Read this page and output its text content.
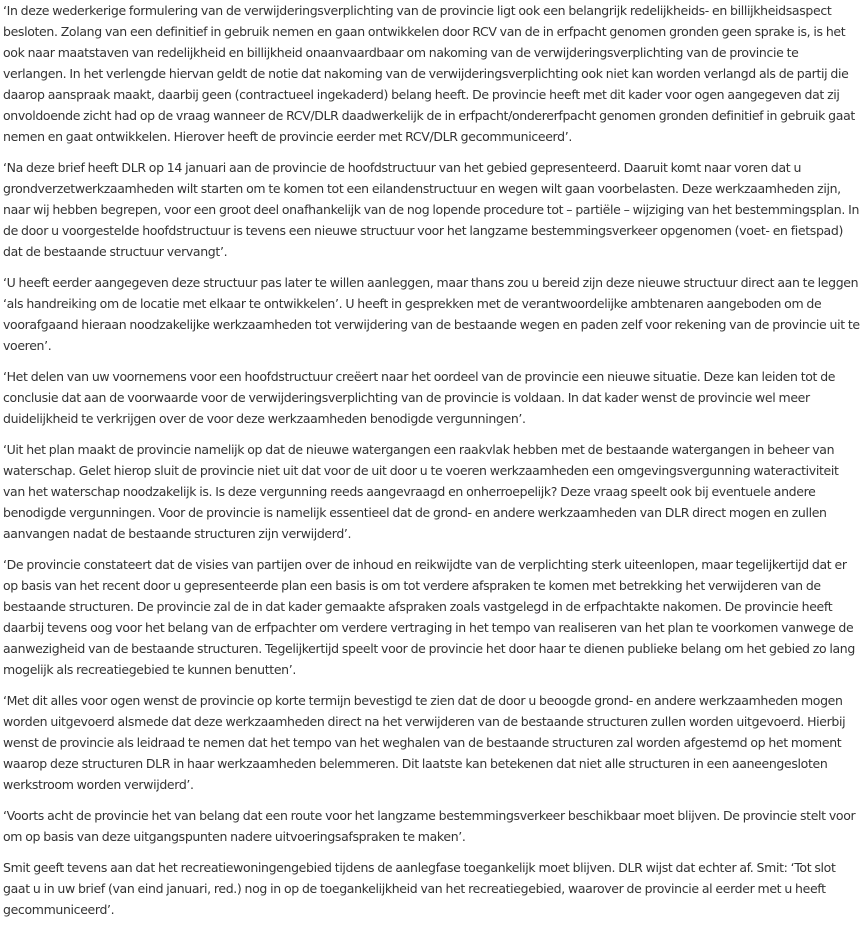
‘In deze wederkerige formulering van de verwijderingsverplichting van de provincie ligt ook een belangrijk redelijkheids- en billijkheidsaspect besloten. Zolang van een definitief in gebruik nemen en gaan ontwikkelen door RCV van de in erfpacht genomen gronden geen sprake is, is het ook naar maatstaven van redelijkheid en billijkheid onaanvaardbaar om nakoming van de verwijderingsverplichting van de provincie te verlangen. In het verlengde hiervan geldt de notie dat nakoming van de verwijderingsverplichting ook niet kan worden verlangd als de partij die daarop aanspraak maakt, daarbij geen (contractueel ingekaderd) belang heeft. De provincie heeft met dit kader voor ogen aangegeven dat zij onvoldoende zicht had op de vraag wanneer de RCV/DLR daadwerkelijk de in erfpacht/ondererfpacht genomen gronden definitief in gebruik gaat nemen en gaat ontwikkelen. Hierover heeft de provincie eerder met RCV/DLR gecommuniceerd’.

‘Na deze brief heeft DLR op 14 januari aan de provincie de hoofdstructuur van het gebied gepresenteerd. Daaruit komt naar voren dat u grondverzetwerkzaamheden wilt starten om te komen tot een eilandenstructuur en wegen wilt gaan voorbelasten. Deze werkzaamheden zijn, naar wij hebben begrepen, voor een groot deel onafhankelijk van de nog lopende procedure tot – partiële – wijziging van het bestemmingsplan. In de door u voorgestelde hoofdstructuur is tevens een nieuwe structuur voor het langzame bestemmingsverkeer opgenomen (voet- en fietspad) dat de bestaande structuur vervangt’.

‘U heeft eerder aangegeven deze structuur pas later te willen aanleggen, maar thans zou u bereid zijn deze nieuwe structuur direct aan te leggen ‘als handreiking om de locatie met elkaar te ontwikkelen’. U heeft in gesprekken met de verantwoordelijke ambtenaren aangeboden om de voorafgaand hieraan noodzakelijke werkzaamheden tot verwijdering van de bestaande wegen en paden zelf voor rekening van de provincie uit te voeren’.

‘Het delen van uw voornemens voor een hoofdstructuur creëert naar het oordeel van de provincie een nieuwe situatie. Deze kan leiden tot de conclusie dat aan de voorwaarde voor de verwijderingsverplichting van de provincie is voldaan. In dat kader wenst de provincie wel meer duidelijkheid te verkrijgen over de voor deze werkzaamheden benodigde vergunningen’.

‘Uit het plan maakt de provincie namelijk op dat de nieuwe watergangen een raakvlak hebben met de bestaande watergangen in beheer van waterschap. Gelet hierop sluit de provincie niet uit dat voor de uit door u te voeren werkzaamheden een omgevingsvergunning wateractiviteit van het waterschap noodzakelijk is. Is deze vergunning reeds aangevraagd en onherroepelijk? Deze vraag speelt ook bij eventuele andere benodigde vergunningen. Voor de provincie is namelijk essentieel dat de grond- en andere werkzaamheden van DLR direct mogen en zullen aanvangen nadat de bestaande structuren zijn verwijderd’.

‘De provincie constateert dat de visies van partijen over de inhoud en reikwijdte van de verplichting sterk uiteenlopen, maar tegelijkertijd dat er op basis van het recent door u gepresenteerde plan een basis is om tot verdere afspraken te komen met betrekking het verwijderen van de bestaande structuren. De provincie zal de in dat kader gemaakte afspraken zoals vastgelegd in de erfpachtakte nakomen. De provincie heeft daarbij tevens oog voor het belang van de erfpachter om verdere vertraging in het tempo van realiseren van het plan te voorkomen vanwege de aanwezigheid van de bestaande structuren. Tegelijkertijd speelt voor de provincie het door haar te dienen publieke belang om het gebied zo lang mogelijk als recreatiegebied te kunnen benutten’.

‘Met dit alles voor ogen wenst de provincie op korte termijn bevestigd te zien dat de door u beoogde grond- en andere werkzaamheden mogen worden uitgevoerd alsmede dat deze werkzaamheden direct na het verwijderen van de bestaande structuren zullen worden uitgevoerd. Hierbij wenst de provincie als leidraad te nemen dat het tempo van het weghalen van de bestaande structuren zal worden afgestemd op het moment waarop deze structuren DLR in haar werkzaamheden belemmeren. Dit laatste kan betekenen dat niet alle structuren in een aaneengesloten werkstroom worden verwijderd’.

‘Voorts acht de provincie het van belang dat een route voor het langzame bestemmingsverkeer beschikbaar moet blijven. De provincie stelt voor om op basis van deze uitgangspunten nadere uitvoeringsafspraken te maken’.

Smit geeft tevens aan dat het recreatiewoningengebied tijdens de aanlegfase toegankelijk moet blijven. DLR wijst dat echter af. Smit: ‘Tot slot gaat u in uw brief (van eind januari, red.) nog in op de toegankelijkheid van het recreatiegebied, waarover de provincie al eerder met u heeft gecommuniceerd’.
